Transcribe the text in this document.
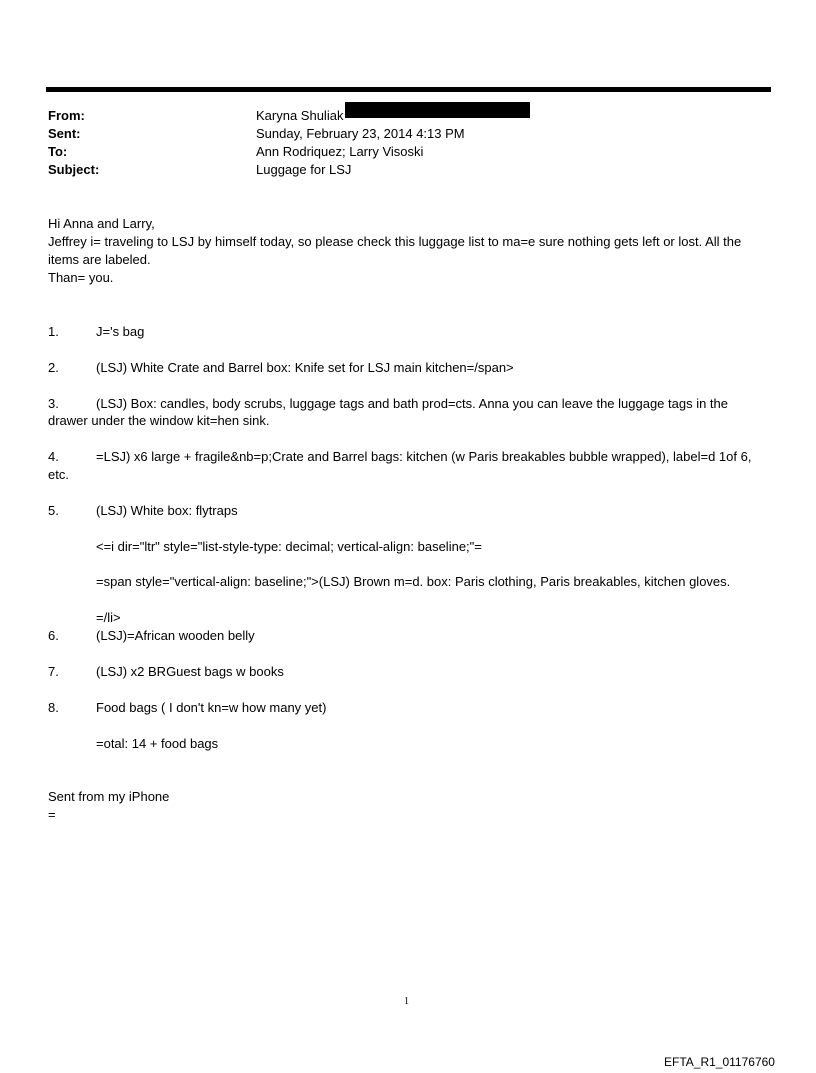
From:	Karyna Shuliak
Sent:	Sunday, February 23, 2014 4:13 PM
To:	Ann Rodriquez; Larry Visoski
Subject:	Luggage for LSJ
Hi Anna and Larry,
Jeffrey i= traveling to LSJ by himself today, so please check this luggage list to ma=e sure nothing gets left or lost. All the
items are labeled.
Than= you.
1.	J='s bag
2.	(LSJ) White Crate and Barrel box: Knife set for LSJ main kitchen=/span>
3.	(LSJ) Box: candles, body scrubs, luggage tags and bath prod=cts. Anna you can leave the luggage tags in the
drawer under the window kit=hen sink.
4.	=LSJ) x6 large + fragile&nb=p;Crate and Barrel bags: kitchen (w Paris breakables bubble wrapped), label=d 1of 6,
etc.
5.	(LSJ) White box: flytraps
<=i dir="ltr" style="list-style-type: decimal; vertical-align: baseline;"=
=span style="vertical-align: baseline;">(LSJ) Brown m=d. box: Paris clothing, Paris breakables, kitchen gloves.
=/li>
6.	(LSJ)=African wooden belly
7.	(LSJ) x2 BRGuest bags w books
8.	Food bags ( I don't kn=w how many yet)
=otal: 14 + food bags
Sent from my iPhone
=
1
EFTA_R1_01176760
